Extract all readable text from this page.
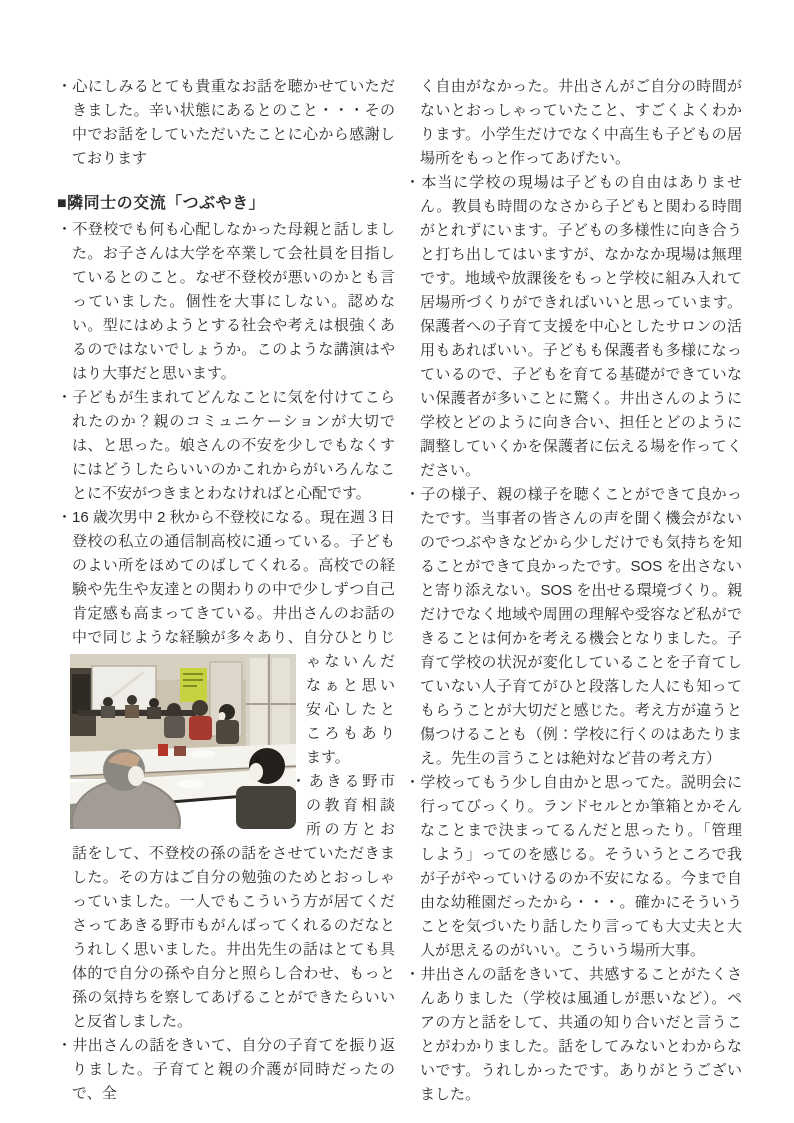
・心にしみるとても貴重なお話を聴かせていただきました。辛い状態にあるとのこと・・・その中でお話をしていただいたことに心から感謝しております

■隣同士の交流「つぶやき」

・不登校でも何も心配しなかった母親と話しました。お子さんは大学を卒業して会社員を目指しているとのこと。なぜ不登校が悪いのかとも言っていました。個性を大事にしない。認めない。型にはめようとする社会や考えは根強くあるのではないでしょうか。このような講演はやはり大事だと思います。

・子どもが生まれてどんなことに気を付けてこられたのか？親のコミュニケーションが大切では、と思った。娘さんの不安を少しでもなくすにはどうしたらいいのかこれからがいろんなことに不安がつきまとわなければと心配です。

・16 歳次男中 2 秋から不登校になる。現在週３日登校の私立の通信制高校に通っている。子どものよい所をほめてのばしてくれる。高校での経験や先生や友達との関わりの中で少しずつ自己肯定感も高まってきている。井出さんのお話の中で同じような経験が多々あり、自分ひとりじゃないん
だなぁと思い安心したところもあります。

・あきる野市の教育相談所の方とお話をして、不登校の孫の話をさせていただきました。その方はご自分の勉強のためとおっしゃっていました。一人でもこういう方が居てくださってあきる野市もがんばってくれるのだなとうれしく思いました。井出先生の話はとても具体的で自分の孫や自分と照らし合わせ、もっと孫の気持ちを察してあげることができたらいいと反省しました。

・井出さんの話をきいて、自分の子育てを振り返りました。子育てと親の介護が同時だったので、全

く自由がなかった。井出さんがご自分の時間がないとおっしゃっていたこと、すごくよくわかります。小学生だけでなく中高生も子どもの居場所をもっと作ってあげたい。

・本当に学校の現場は子どもの自由はありません。教員も時間のなさから子どもと関わる時間がとれずにいます。子どもの多様性に向き合うと打ち出してはいますが、なかなか現場は無理です。地域や放課後をもっと学校に組み入れて居場所づくりができればいいと思っています。保護者への子育て支援を中心としたサロンの活用もあればいい。子どもも保護者も多様になっているので、子どもを育てる基礎ができていない保護者が多いことに驚く。井出さんのように学校とどのように向き合い、担任とどのように調整していくかを保護者に伝える場を作ってください。

・子の様子、親の様子を聴くことができて良かったです。当事者の皆さんの声を聞く機会がないのでつぶやきなどから少しだけでも気持ちを知ることができて良かったです。SOS を出さないと寄り添えない。SOS を出せる環境づくり。親だけでなく地域や周囲の理解や受容など私ができることは何かを考える機会となりました。子育て学校の状況が変化していることを子育てしていない人子育てがひと段落した人にも知ってもらうことが大切だと感じた。考え方が違うと傷つけることも（例：学校に行くのはあたりまえ。先生の言うことは絶対など昔の考え方）

・学校ってもう少し自由かと思ってた。説明会に行ってびっくり。ランドセルとか筆箱とかそんなことまで決まってるんだと思ったり。「管理しよう」ってのを感じる。そういうところで我が子がやっていけるのか不安になる。今まで自由な幼稚園だったから・・・。確かにそういうことを気づいたり話したり言っても大丈夫と大人が思えるのがいい。こういう場所大事。

・井出さんの話をきいて、共感することがたくさんありました（学校は風通しが悪いなど）。ペアの方と話をして、共通の知り合いだと言うことがわかりました。話をしてみないとわからないです。うれしかったです。ありがとうございました。
